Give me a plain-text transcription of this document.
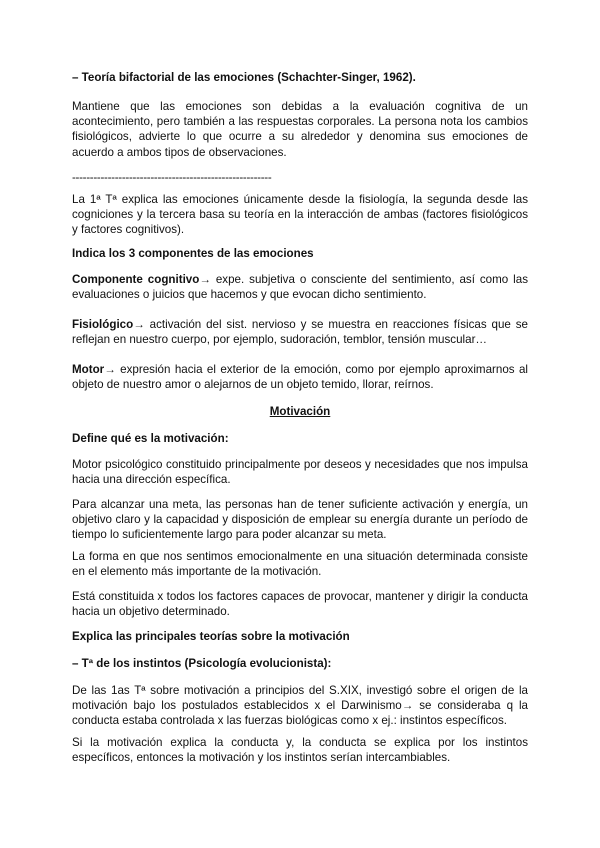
– Teoría bifactorial de las emociones (Schachter-Singer, 1962).

Mantiene que las emociones son debidas a la evaluación cognitiva de un acontecimiento, pero también a las respuestas corporales. La persona nota los cambios fisiológicos, advierte lo que ocurre a su alrededor y denomina sus emociones de acuerdo a ambos tipos de observaciones.

--------------------------------------------------------

La 1ª Tª explica las emociones únicamente desde la fisiología, la segunda desde las cogniciones y la tercera basa su teoría en la interacción de ambas (factores fisiológicos y factores cognitivos).

Indica los 3 componentes de las emociones

Componente cognitivo→ expe. subjetiva o consciente del sentimiento, así como las evaluaciones o juicios que hacemos y que evocan dicho sentimiento.

Fisiológico→ activación del sist. nervioso y se muestra en reacciones físicas que se reflejan en nuestro cuerpo, por ejemplo, sudoración, temblor, tensión muscular…

Motor→ expresión hacia el exterior de la emoción, como por ejemplo aproximarnos al objeto de nuestro amor o alejarnos de un objeto temido, llorar, reírnos.

Motivación

Define qué es la motivación:

Motor psicológico constituido principalmente por deseos y necesidades que nos impulsa hacia una dirección específica.

Para alcanzar una meta, las personas han de tener suficiente activación y energía, un objetivo claro y la capacidad y disposición de emplear su energía durante un período de tiempo lo suficientemente largo para poder alcanzar su meta.

La forma en que nos sentimos emocionalmente en una situación determinada consiste en el elemento más importante de la motivación.

Está constituida x todos los factores capaces de provocar, mantener y dirigir la conducta hacia un objetivo determinado.

Explica las principales teorías sobre la motivación

– Tª de los instintos (Psicología evolucionista):

De las 1as Tª sobre motivación a principios del S.XIX, investigó sobre el origen de la motivación bajo los postulados establecidos x el Darwinismo→ se consideraba q la conducta estaba controlada x las fuerzas biológicas como x ej.: instintos específicos.

Si la motivación explica la conducta y, la conducta se explica por los instintos específicos, entonces la motivación y los instintos serían intercambiables.
